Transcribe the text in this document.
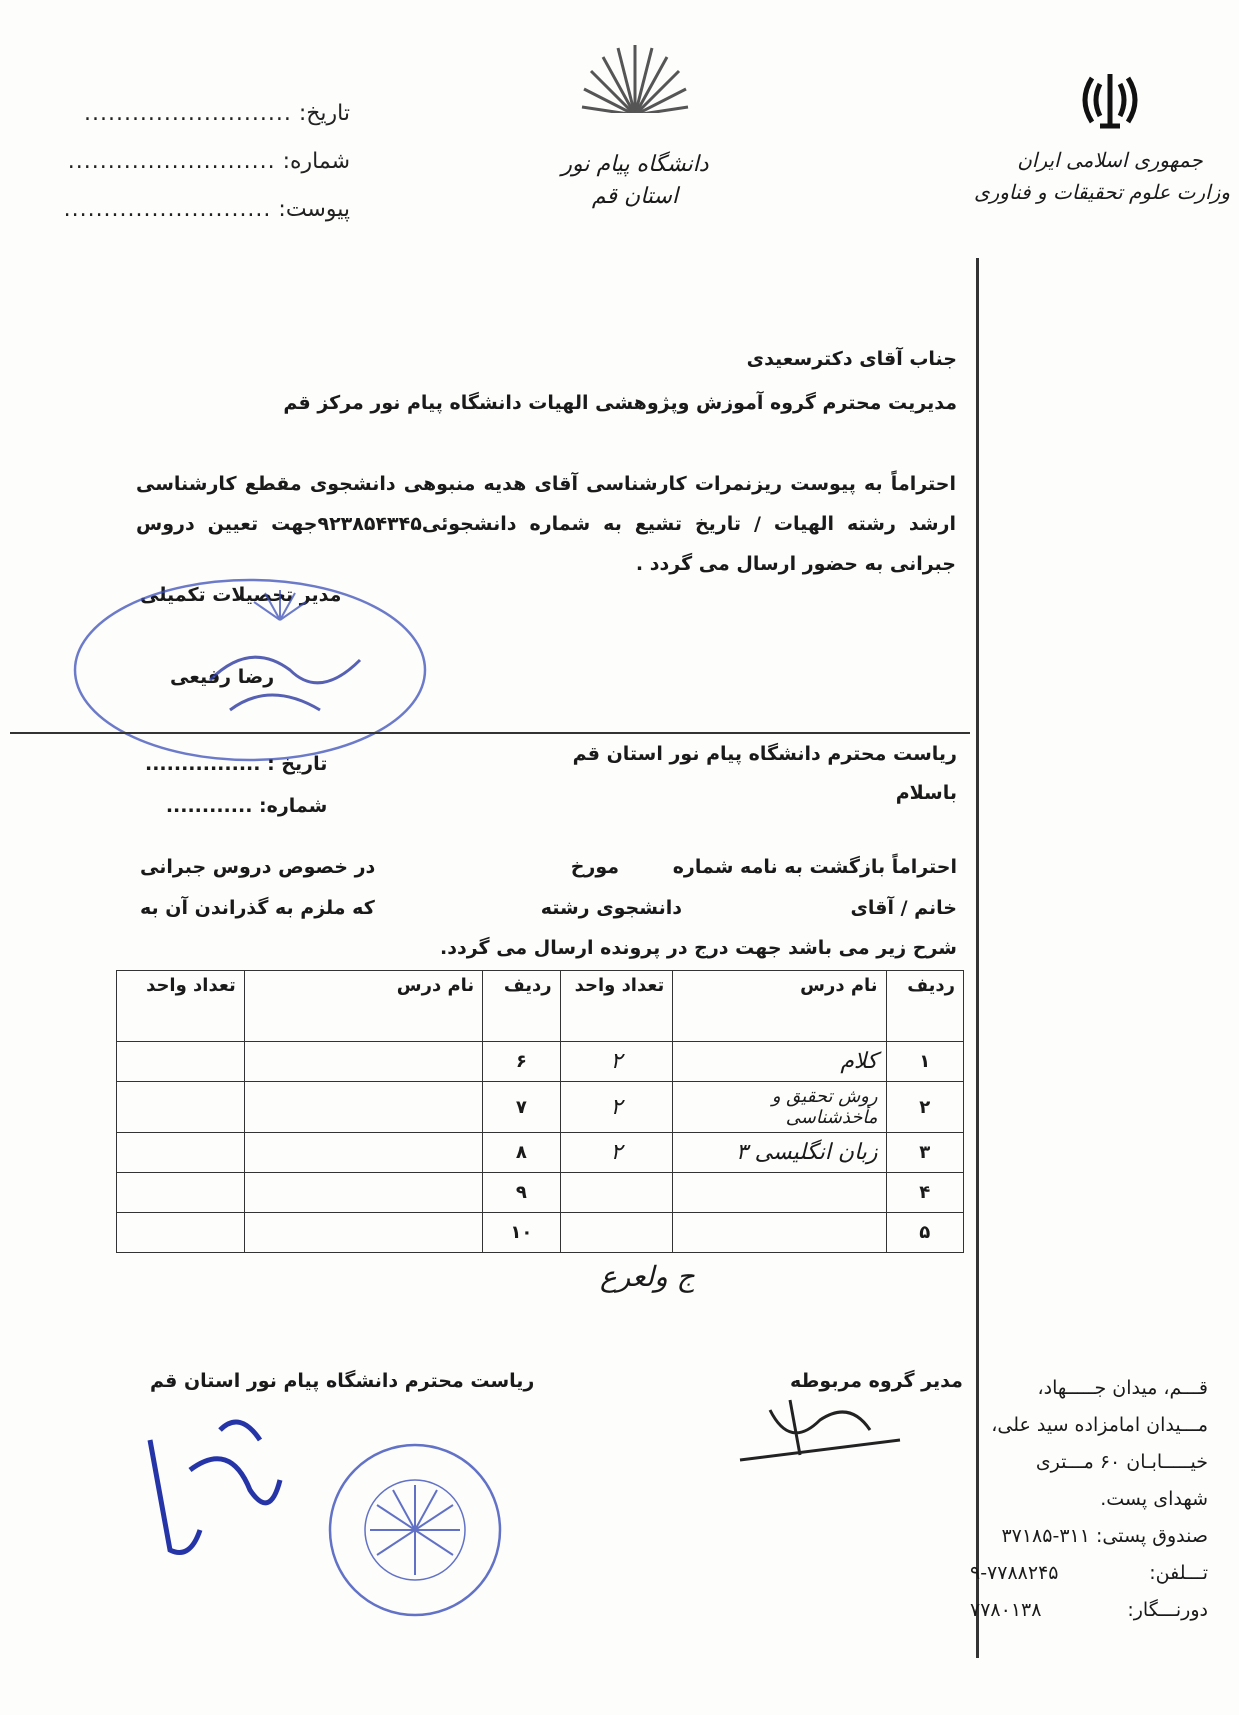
تاریخ:

..........................
شماره:

..........................
پیوست:

..........................
دانشگاه پیام نور
استان قم
جمهوری اسلامی ایران
وزارت علوم تحقیقات و فناوری
جناب آقای دکترسعیدی
مدیریت محترم گروه آموزش وپژوهشی الهیات دانشگاه پیام نور مرکز قم
احتراماً به پیوست ریزنمرات کارشناسی آقای هدیه منبوهی دانشجوی مقطع کارشناسی ارشد رشته الهیات / تاریخ تشیع به شماره دانشجوئی۹۲۳۸۵۴۳۴۵جهت تعیین دروس جبرانی به حضور ارسال می گردد .
مدیر تحصیلات تکمیلی
رضا رفیعی
ریاست محترم دانشگاه پیام نور استان قم
باسلام
تاریخ : ................
شماره: ............
احتراماً بازگشت به نامه شماره
مورخ
در خصوص دروس جبرانی
خانم / آقای
دانشجوی رشته
که ملزم به گذراندن آن به
شرح زیر می باشد جهت درج در پرونده ارسال می گردد.
ردیف	نام درس	تعداد واحد	ردیف	نام درس	تعداد واحد
۱	کلام	۲	۶		
۲	روش تحقیق و مأخذشناسی	۲	۷		
۳	زبان انگلیسی ۳	۲	۸		
۴			۹		
۵			۱۰		
ج ولعرع
ریاست محترم دانشگاه پیام نور استان قم	مدیر گروه مربوطه	قـــم، میدان جـــــهاد،
مـــیدان امامزاده سید علی،
خیـــــابـان ۶۰ مـــتری
شهدای پست.
صندوق پستی: ۳۱۱-۳۷۱۸۵
تـــلفن:
۹-۷۷۸۸۲۴۵
دورنـــگار:
۷۷۸۰۱۳۸
